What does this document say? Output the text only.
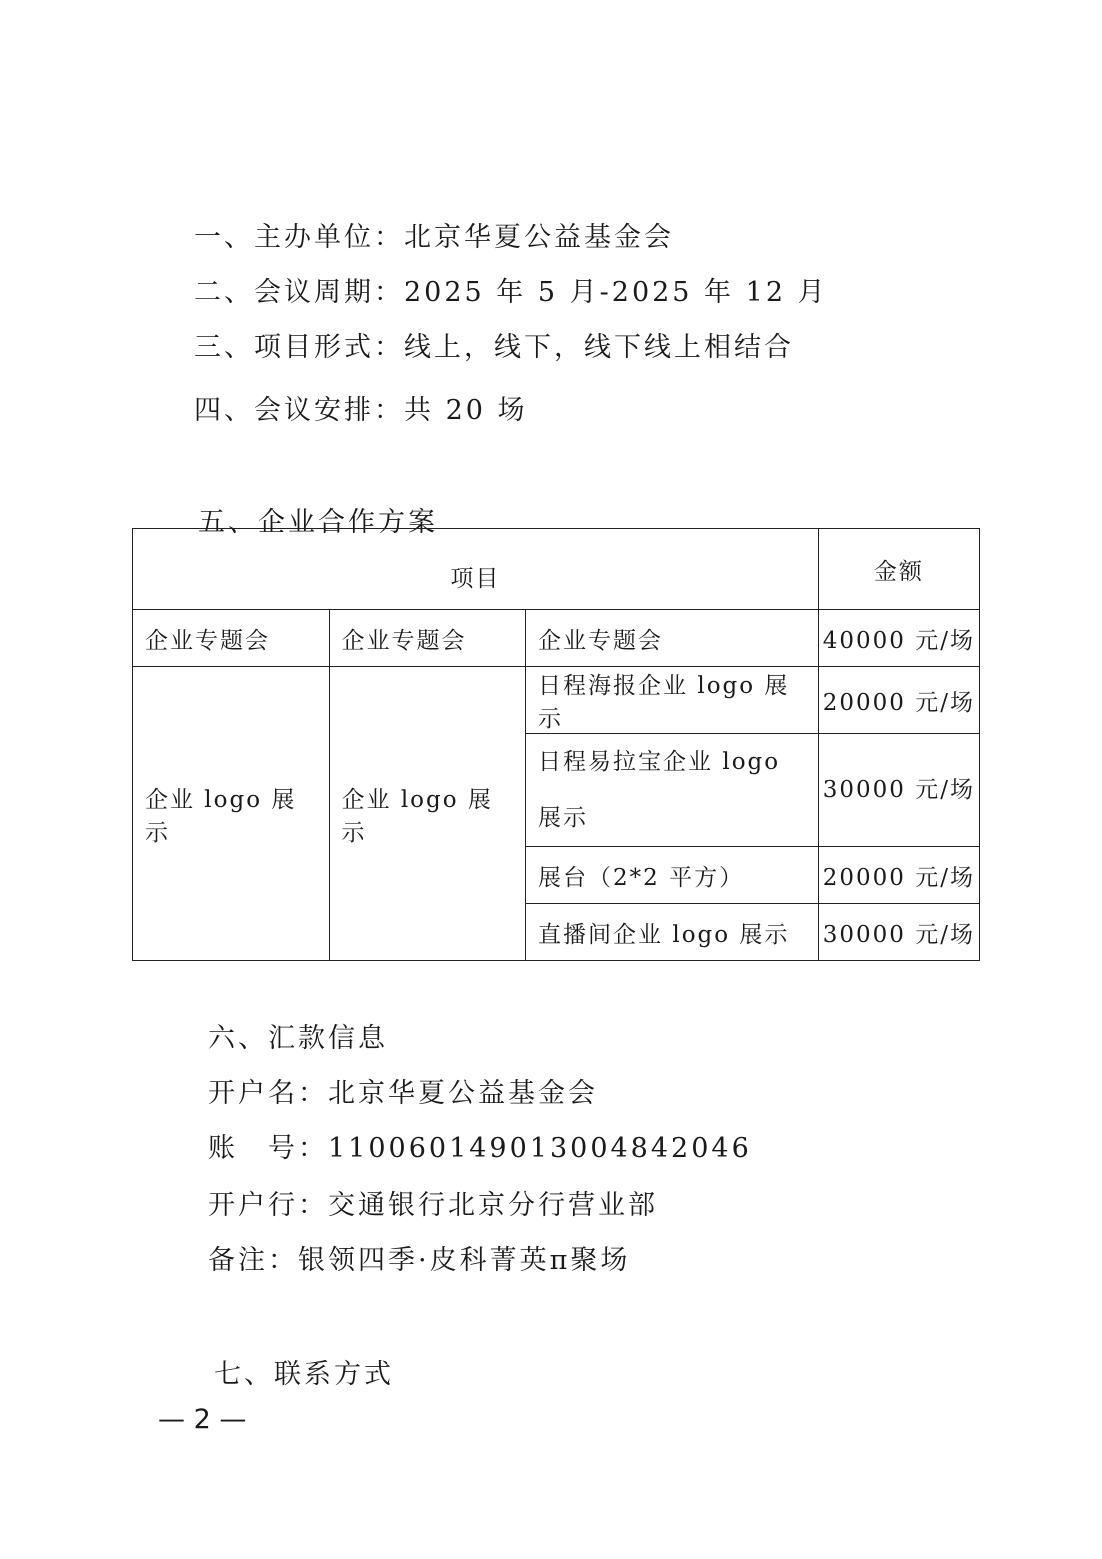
一、主办单位：北京华夏公益基金会
二、会议周期：2025 年 5 月-2025 年 12 月
三、项目形式：线上，线下，线下线上相结合
四、会议安排：共 20 场
五、企业合作方案
项目			金额
企业专题会	企业专题会	企业专题会	40000 元/场
企业 logo 展示	企业 logo 展示	日程海报企业 logo 展示	20000 元/场
		日程易拉宝企业 logo 展示	30000 元/场
		展台（2*2 平方）	20000 元/场
		直播间企业 logo 展示	30000 元/场
六、汇款信息
开户名：北京华夏公益基金会
账　号：110060149013004842046
开户行：交通银行北京分行营业部
备注：银领四季·皮科菁英π聚场
七、联系方式
— 2 —
